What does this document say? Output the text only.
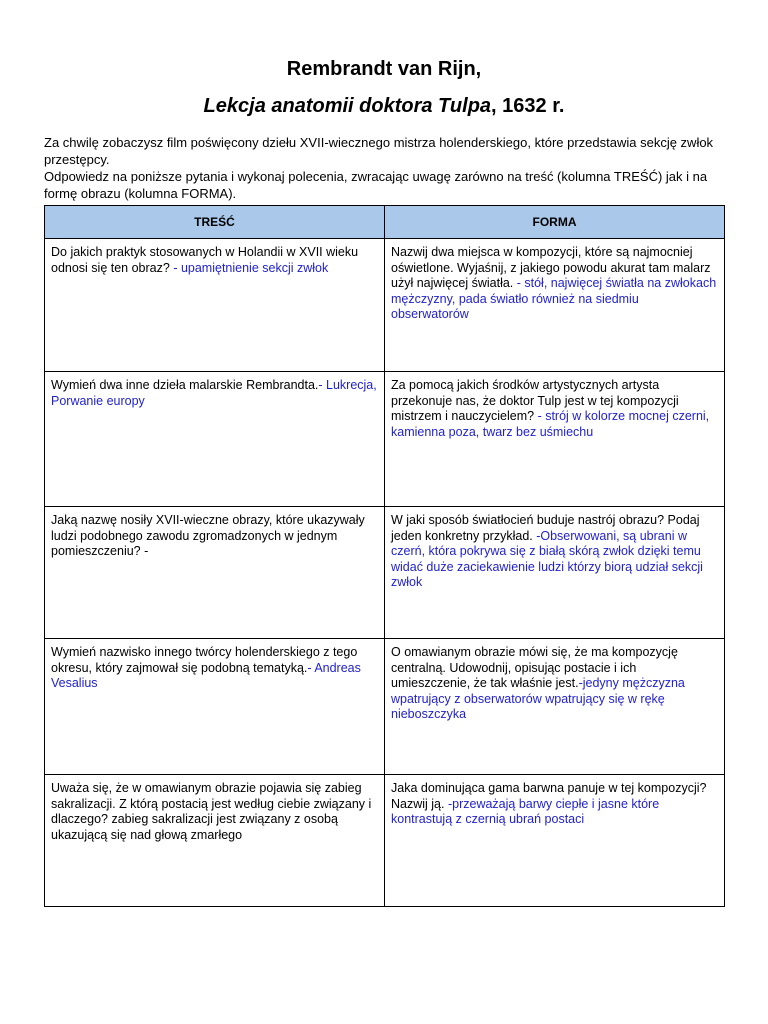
Rembrandt van Rijn,
Lekcja anatomii doktora Tulpa, 1632 r.

Za chwilę zobaczysz film poświęcony dziełu XVII-wiecznego mistrza holenderskiego, które przedstawia sekcję zwłok przestępcy.

Odpowiedz na poniższe pytania i wykonaj polecenia, zwracając uwagę zarówno na treść (kolumna TREŚĆ) jak i na formę obrazu (kolumna FORMA).

TREŚĆ	FORMA
Do jakich praktyk stosowanych w Holandii w XVII wieku odnosi się ten obraz? - upamiętnienie sekcji zwłok	Nazwij dwa miejsca w kompozycji, które są najmocniej oświetlone. Wyjaśnij, z jakiego powodu akurat tam malarz użył najwięcej światła. - stół, najwięcej światła na zwłokach mężczyzny, pada światło również na siedmiu obserwatorów
Wymień dwa inne dzieła malarskie Rembrandta.- Lukrecja, Porwanie europy	Za pomocą jakich środków artystycznych artysta przekonuje nas, że doktor Tulp jest w tej kompozycji mistrzem i nauczycielem? - strój w kolorze mocnej czerni, kamienna poza, twarz bez uśmiechu
Jaką nazwę nosiły XVII-wieczne obrazy, które ukazywały ludzi podobnego zawodu zgromadzonych w jednym pomieszczeniu? -	W jaki sposób światłocień buduje nastrój obrazu? Podaj jeden konkretny przykład. -Obserwowani, są ubrani w czerń, która pokrywa się z białą skórą zwłok dzięki temu widać duże zaciekawienie ludzi którzy biorą udział sekcji zwłok
Wymień nazwisko innego twórcy holenderskiego z tego okresu, który zajmował się podobną tematyką.- Andreas Vesalius	O omawianym obrazie mówi się, że ma kompozycję centralną. Udowodnij, opisując postacie i ich umieszczenie, że tak właśnie jest.-jedyny mężczyzna wpatrujący z obserwatorów wpatrujący się w rękę nieboszczyka
Uważa się, że w omawianym obrazie pojawia się zabieg sakralizacji. Z którą postacią jest według ciebie związany i dlaczego? zabieg sakralizacji jest związany z osobą ukazującą się nad głową zmarłego	Jaka dominująca gama barwna panuje w tej kompozycji? Nazwij ją. -przeważają barwy ciepłe i jasne które kontrastują z czernią ubrań postaci
